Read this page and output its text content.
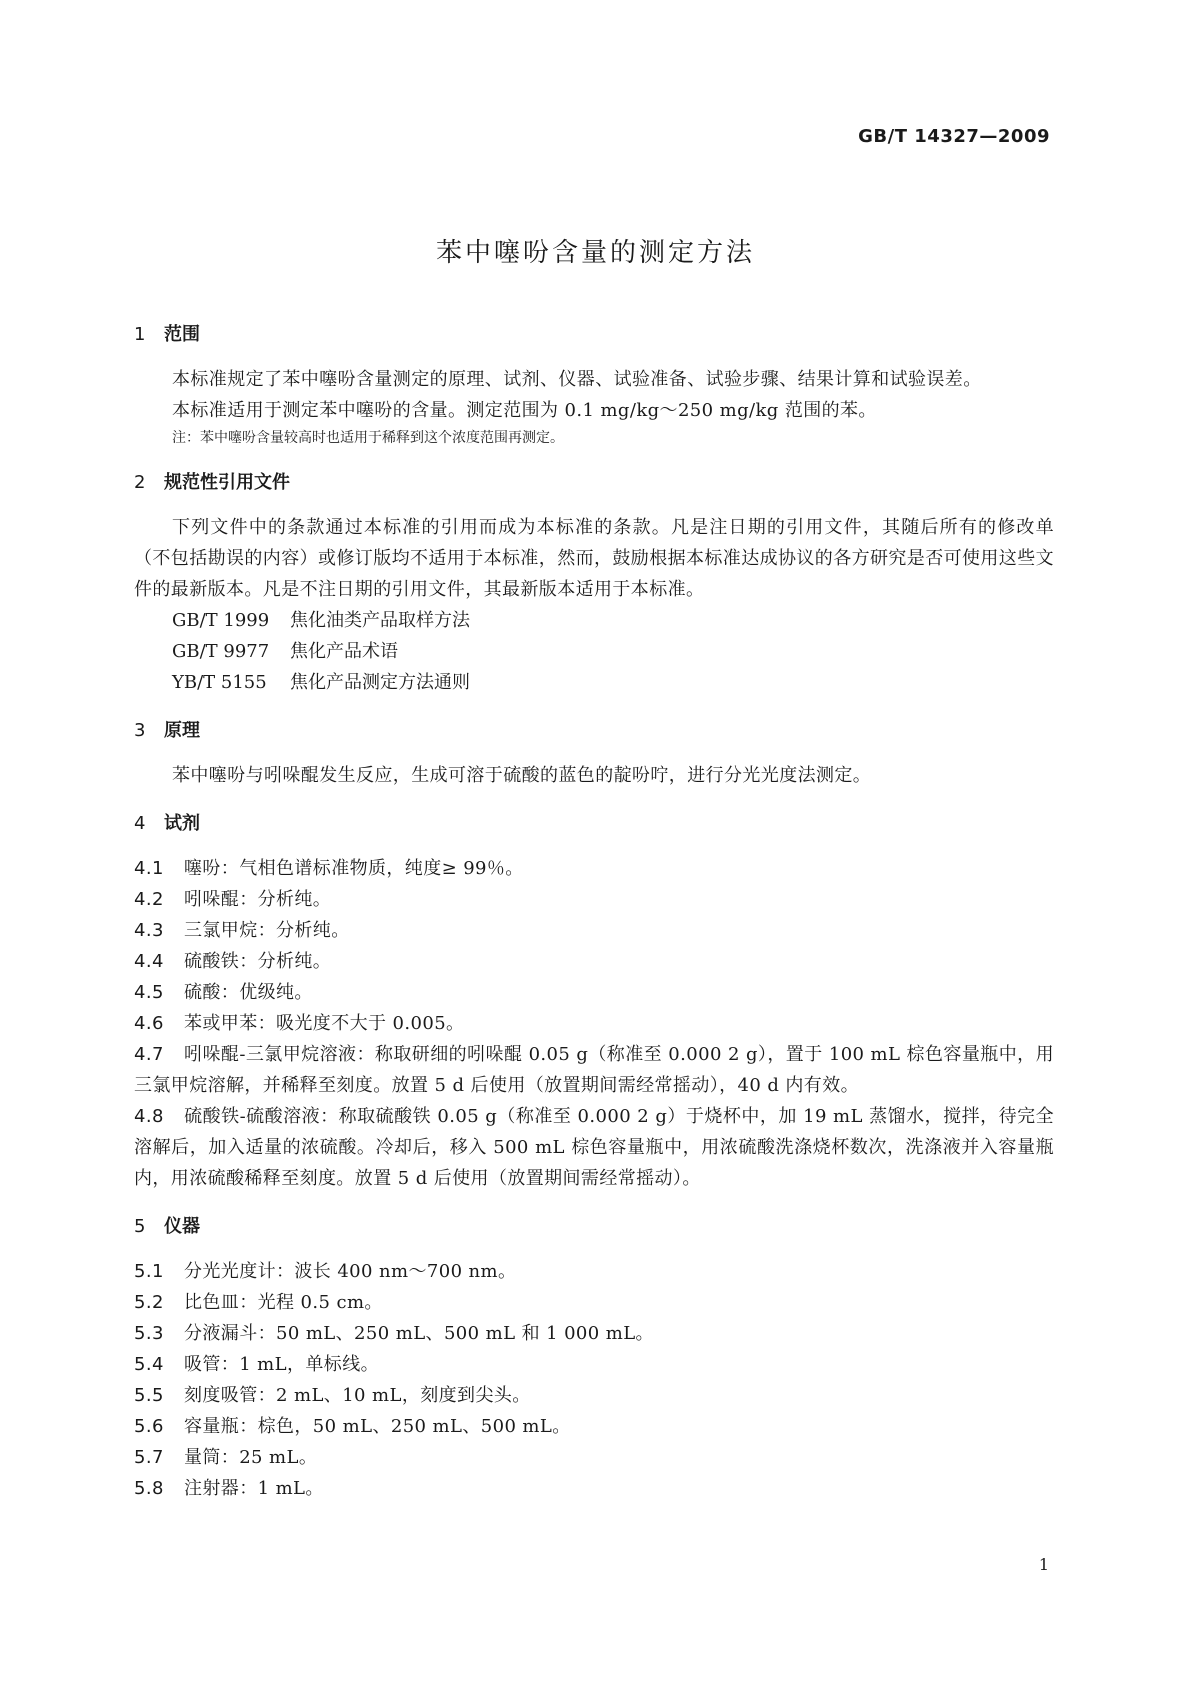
GB/T 14327—2009
苯中噻吩含量的测定方法
1 范围

本标准规定了苯中噻吩含量测定的原理、试剂、仪器、试验准备、试验步骤、结果计算和试验误差。

本标准适用于测定苯中噻吩的含量。测定范围为 0.1 mg/kg～250 mg/kg 范围的苯。

注：苯中噻吩含量较高时也适用于稀释到这个浓度范围再测定。

2 规范性引用文件

下列文件中的条款通过本标准的引用而成为本标准的条款。凡是注日期的引用文件，其随后所有的修改单（不包括勘误的内容）或修订版均不适用于本标准，然而，鼓励根据本标准达成协议的各方研究是否可使用这些文件的最新版本。凡是不注日期的引用文件，其最新版本适用于本标准。

GB/T 1999 焦化油类产品取样方法
GB/T 9977 焦化产品术语
YB/T 5155 焦化产品测定方法通则
3 原理

苯中噻吩与吲哚醌发生反应，生成可溶于硫酸的蓝色的靛吩咛，进行分光光度法测定。

4 试剂

4.1 噻吩：气相色谱标准物质，纯度≥ 99％。

4.2 吲哚醌：分析纯。

4.3 三氯甲烷：分析纯。

4.4 硫酸铁：分析纯。

4.5 硫酸：优级纯。

4.6 苯或甲苯：吸光度不大于 0.005。

4.7 吲哚醌-三氯甲烷溶液：称取研细的吲哚醌 0.05 g（称准至 0.000 2 g），置于 100 mL 棕色容量瓶中，用三氯甲烷溶解，并稀释至刻度。放置 5 d 后使用（放置期间需经常摇动），40 d 内有效。

4.8 硫酸铁-硫酸溶液：称取硫酸铁 0.05 g（称准至 0.000 2 g）于烧杯中，加 19 mL 蒸馏水，搅拌，待完全溶解后，加入适量的浓硫酸。冷却后，移入 500 mL 棕色容量瓶中，用浓硫酸洗涤烧杯数次，洗涤液并入容量瓶内，用浓硫酸稀释至刻度。放置 5 d 后使用（放置期间需经常摇动）。

5 仪器

5.1 分光光度计：波长 400 nm～700 nm。

5.2 比色皿：光程 0.5 cm。

5.3 分液漏斗：50 mL、250 mL、500 mL 和 1 000 mL。

5.4 吸管：1 mL，单标线。

5.5 刻度吸管：2 mL、10 mL，刻度到尖头。

5.6 容量瓶：棕色，50 mL、250 mL、500 mL。

5.7 量筒：25 mL。

5.8 注射器：1 mL。

1
